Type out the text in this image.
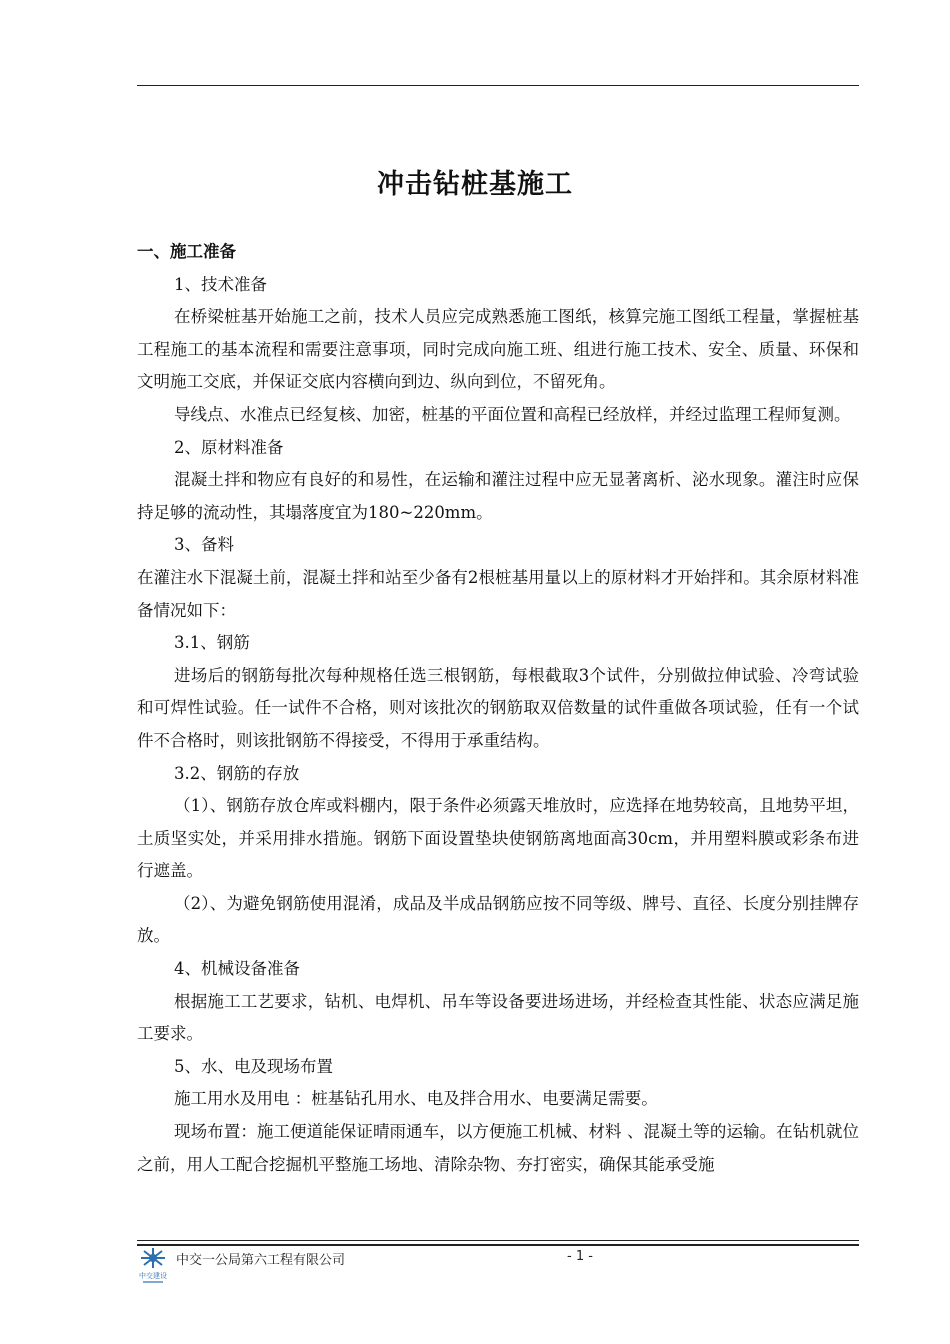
冲击钻桩基施工

一、施工准备

1、技术准备

在桥梁桩基开始施工之前，技术人员应完成熟悉施工图纸，核算完施工图纸工程量，掌握桩基工程施工的基本流程和需要注意事项，同时完成向施工班、组进行施工技术、安全、质量、环保和文明施工交底，并保证交底内容横向到边、纵向到位，不留死角。

导线点、水准点已经复核、加密，桩基的平面位置和高程已经放样，并经过监理工程师复测。

2、原材料准备

混凝土拌和物应有良好的和易性，在运输和灌注过程中应无显著离析、泌水现象。灌注时应保持足够的流动性，其塌落度宜为180~220mm。

3、备料

在灌注水下混凝土前，混凝土拌和站至少备有2根桩基用量以上的原材料才开始拌和。其余原材料准备情况如下：

3.1、钢筋

进场后的钢筋每批次每种规格任选三根钢筋，每根截取3个试件，分别做拉伸试验、冷弯试验和可焊性试验。任一试件不合格，则对该批次的钢筋取双倍数量的试件重做各项试验，任有一个试件不合格时，则该批钢筋不得接受，不得用于承重结构。

3.2、钢筋的存放

（1）、钢筋存放仓库或料棚内，限于条件必须露天堆放时，应选择在地势较高，且地势平坦，土质坚实处，并采用排水措施。钢筋下面设置垫块使钢筋离地面高30cm，并用塑料膜或彩条布进行遮盖。

（2）、为避免钢筋使用混淆，成品及半成品钢筋应按不同等级、牌号、直径、长度分别挂牌存放。

4、机械设备准备

根据施工工艺要求，钻机、电焊机、吊车等设备要进场进场，并经检查其性能、状态应满足施工要求。

5、水、电及现场布置

施工用水及用电 ：桩基钻孔用水、电及拌合用水、电要满足需要。

现场布置：施工便道能保证晴雨通车，以方便施工机械、材料 、混凝土等的运输。在钻机就位之前，用人工配合挖掘机平整施工场地、清除杂物、夯打密实，确保其能承受施

中交建设
中交一公局第六工程有限公司	- 1 -
